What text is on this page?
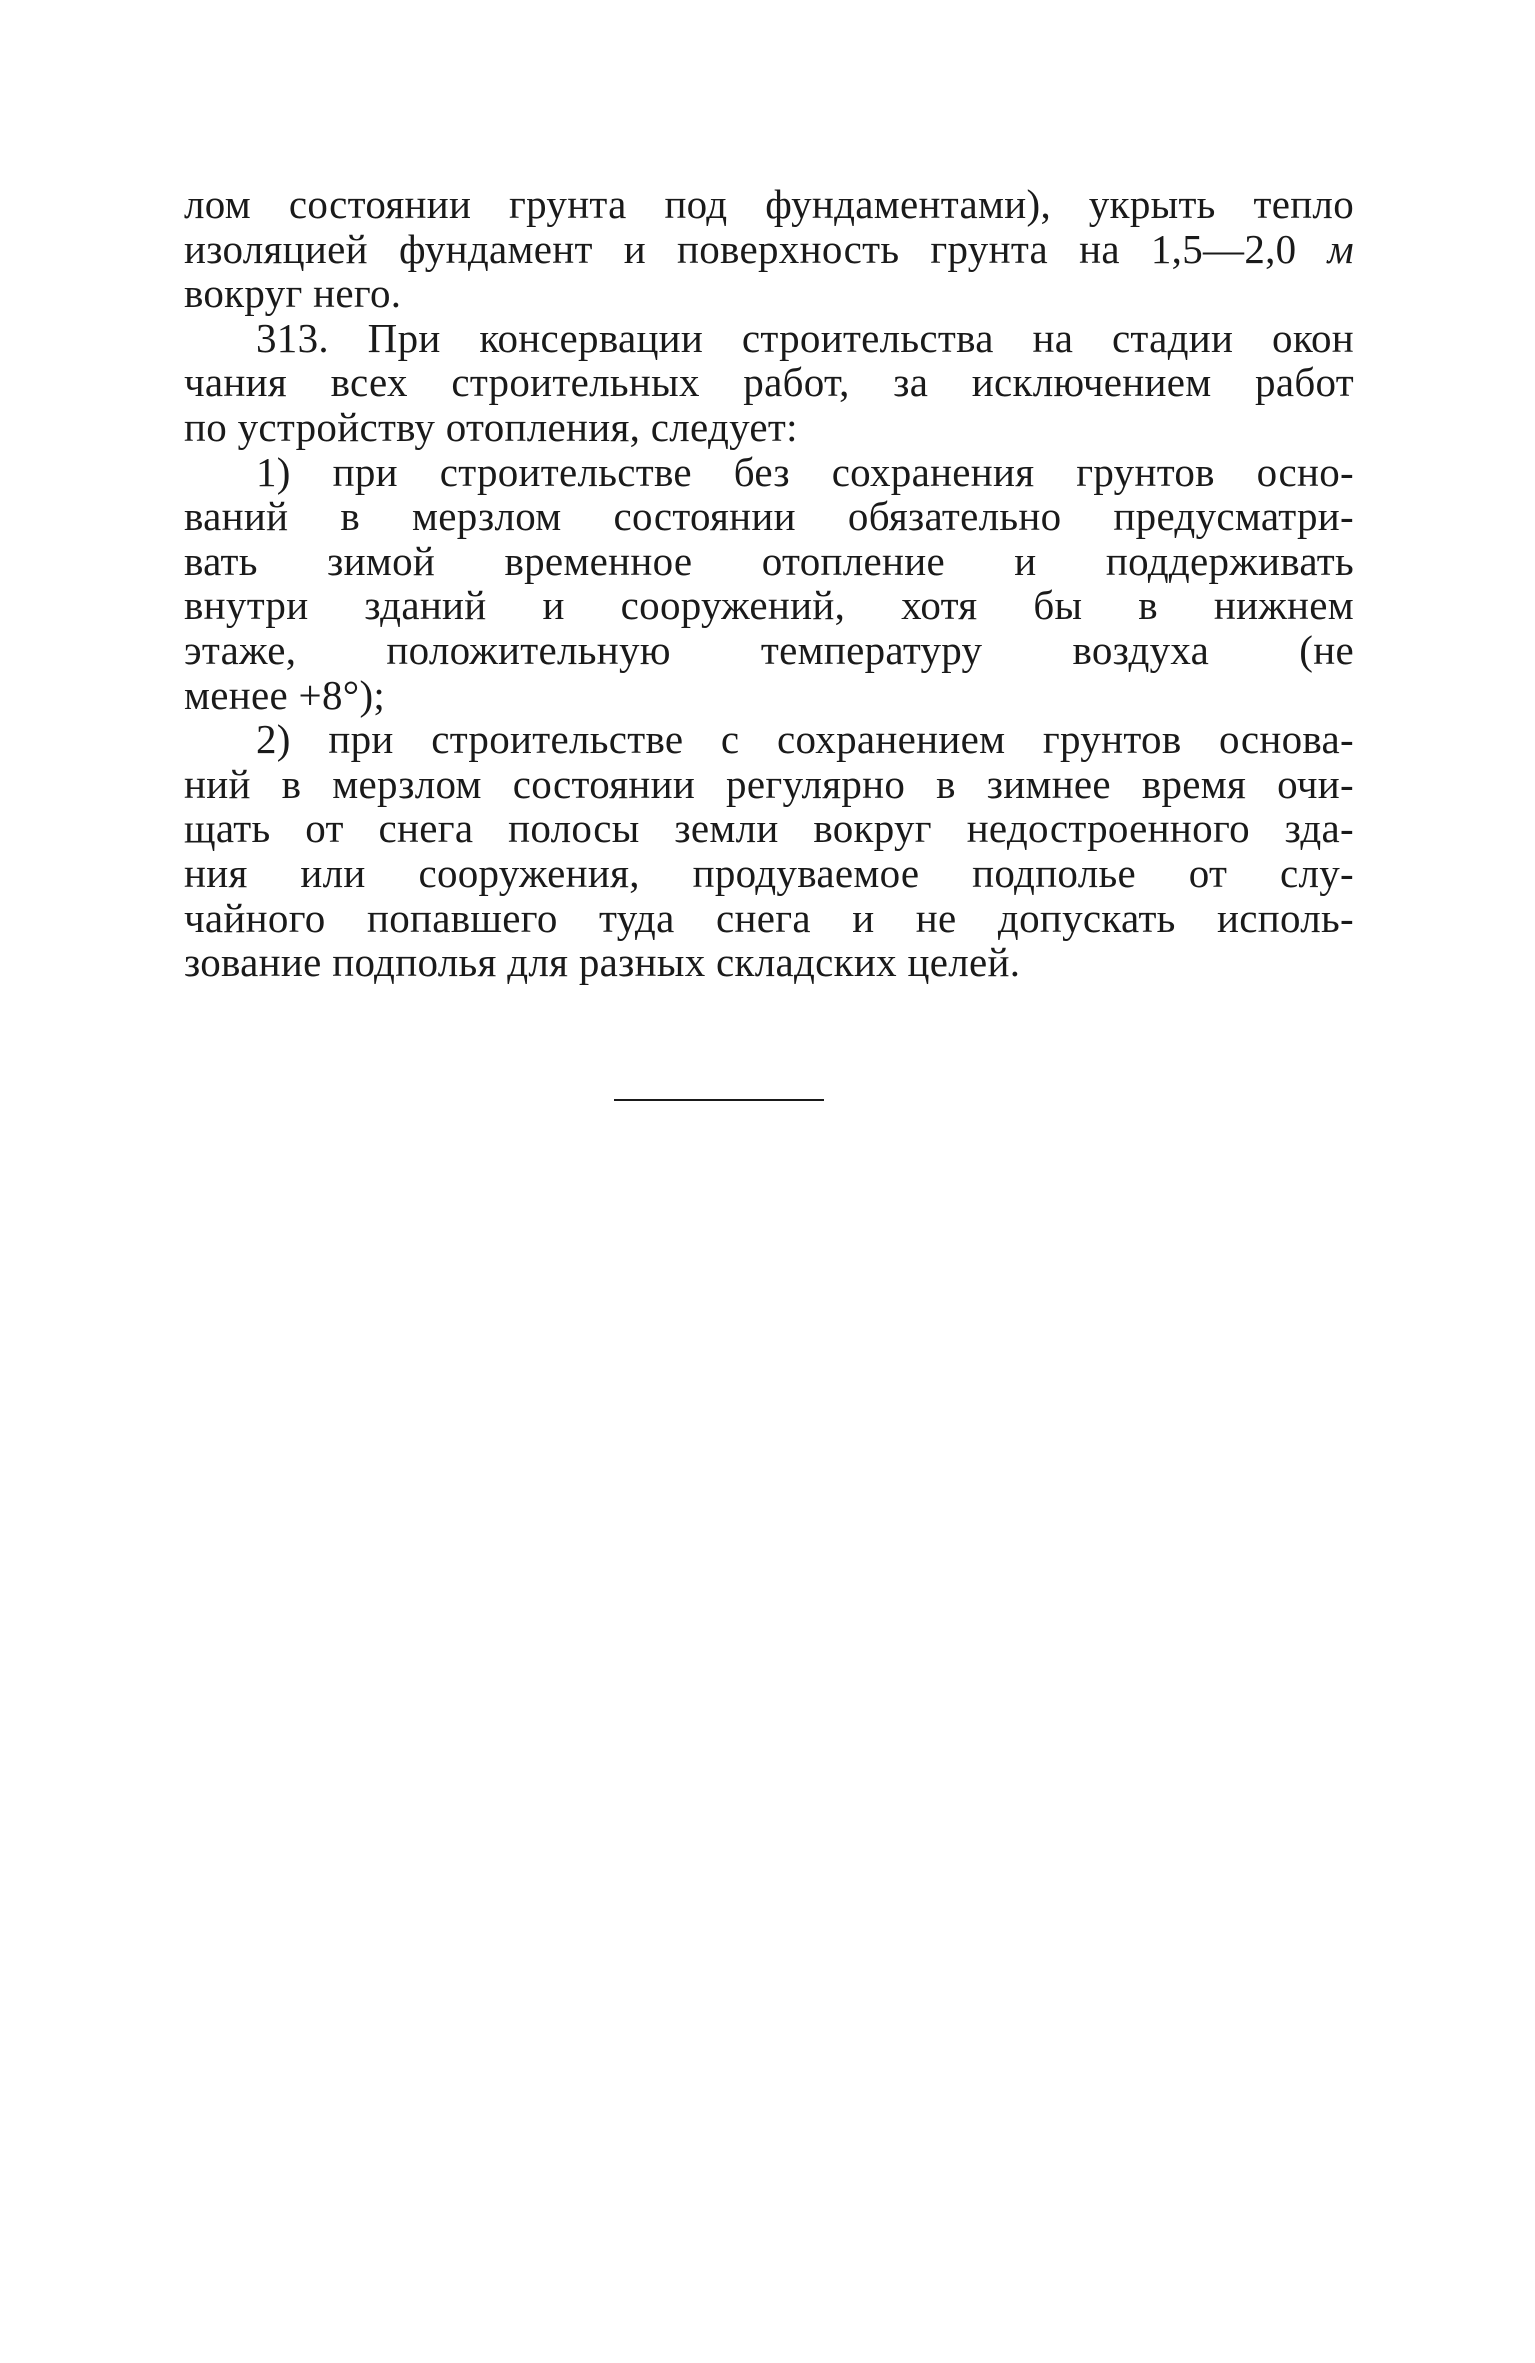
лом состоянии грунта под фундаментами), укрыть тепло
изоляцией фундамент и поверхность грунта на 1,5—2,0 м
вокруг него.
313. При консервации строительства на стадии окон
чания всех строительных работ, за исключением работ
по устройству отопления, следует:
1) при строительстве без сохранения грунтов осно-
ваний в мерзлом состоянии обязательно предусматри-
вать зимой временное отопление и поддерживать
внутри зданий и сооружений, хотя бы в нижнем
этаже, положительную температуру воздуха (не
менее +8°);
2) при строительстве с сохранением грунтов основа-
ний в мерзлом состоянии регулярно в зимнее время очи-
щать от снега полосы земли вокруг недостроенного зда-
ния или сооружения, продуваемое подполье от слу-
чайного попавшего туда снега и не допускать исполь-
зование подполья для разных складских целей.
